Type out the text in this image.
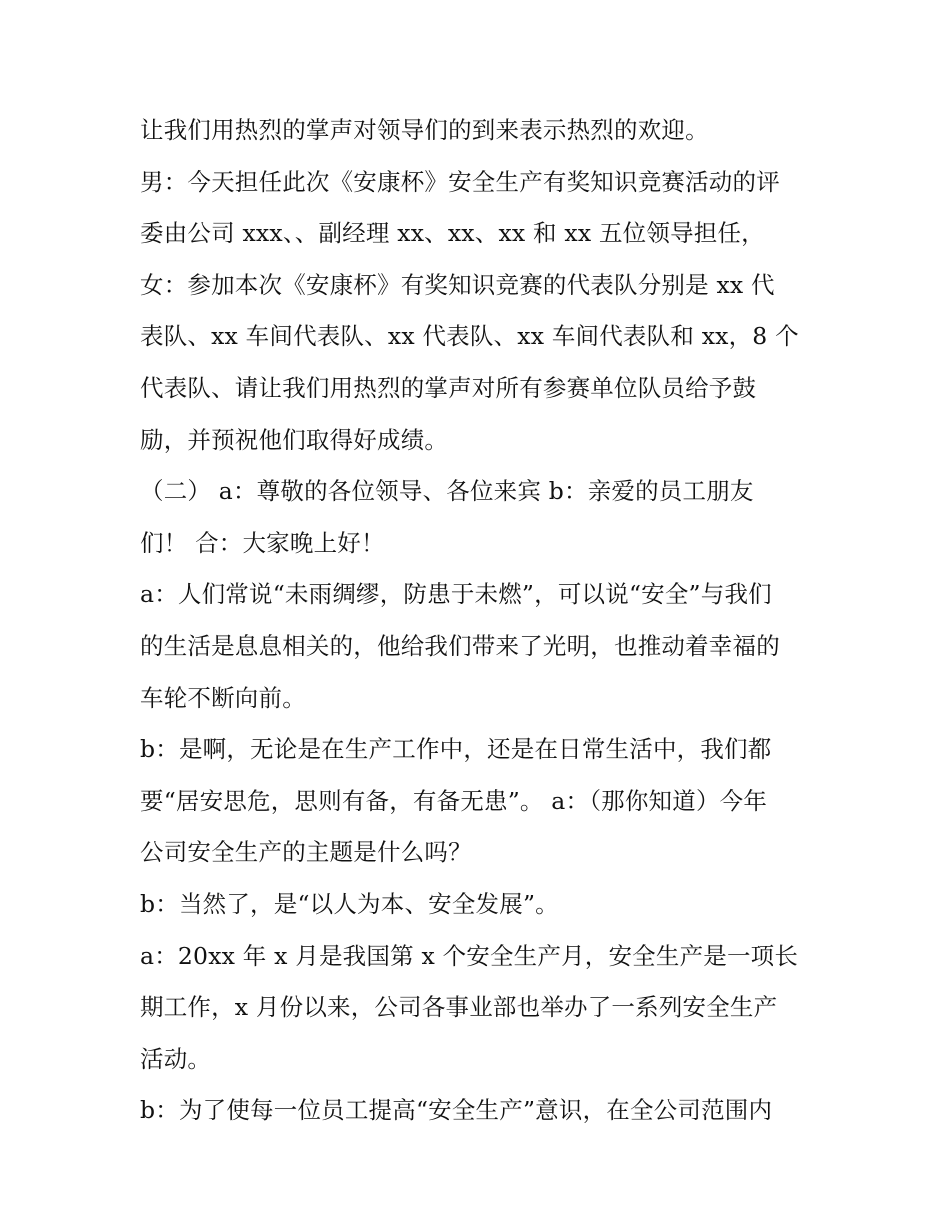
让我们用热烈的掌声对领导们的到来表示热烈的欢迎。
男：今天担任此次《安康杯》安全生产有奖知识竞赛活动的评
委由公司 xxx、、副经理 xx、xx、xx 和 xx 五位领导担任，
女：参加本次《安康杯》有奖知识竞赛的代表队分别是 xx 代
表队、xx 车间代表队、xx 代表队、xx 车间代表队和 xx，8 个
代表队、请让我们用热烈的掌声对所有参赛单位队员给予鼓
励，并预祝他们取得好成绩。
（二） a：尊敬的各位领导、各位来宾 b：亲爱的员工朋友
们！ 合：大家晚上好！
a：人们常说“未雨绸缪，防患于未燃”，可以说“安全”与我们
的生活是息息相关的，他给我们带来了光明，也推动着幸福的
车轮不断向前。
b：是啊，无论是在生产工作中，还是在日常生活中，我们都
要“居安思危，思则有备，有备无患”。 a：（那你知道）今年
公司安全生产的主题是什么吗？
b：当然了，是“以人为本、安全发展”。
a：20xx 年 x 月是我国第 x 个安全生产月，安全生产是一项长
期工作，x 月份以来，公司各事业部也举办了一系列安全生产
活动。
b：为了使每一位员工提高“安全生产”意识，在全公司范围内
